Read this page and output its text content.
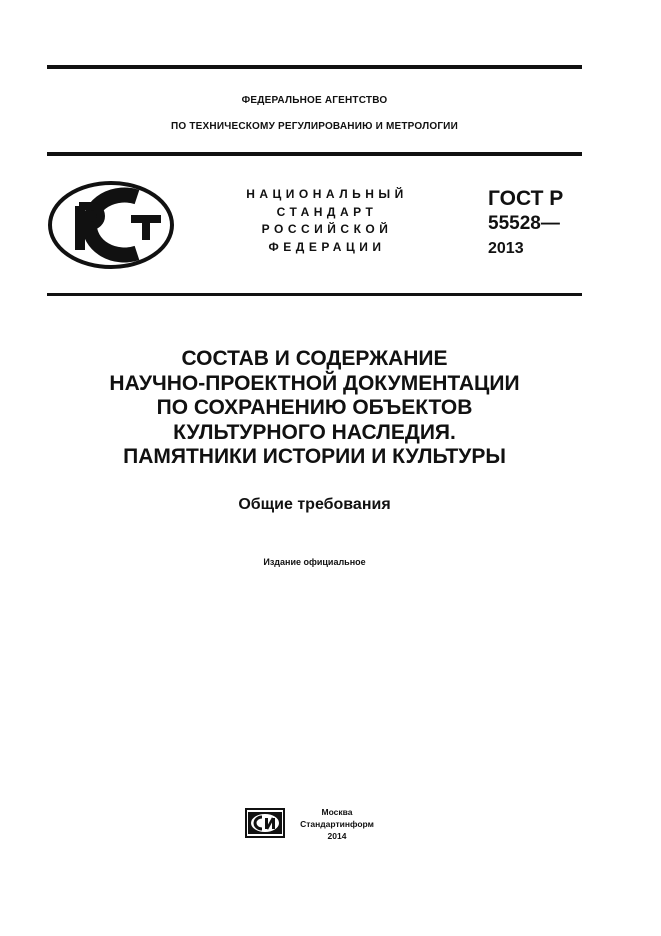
ФЕДЕРАЛЬНОЕ АГЕНТСТВО
ПО ТЕХНИЧЕСКОМУ РЕГУЛИРОВАНИЮ И МЕТРОЛОГИИ
НАЦИОНАЛЬНЫЙ
СТАНДАРТ
РОССИЙСКОЙ
ФЕДЕРАЦИИ
ГОСТ Р
55528—
2013
СОСТАВ И СОДЕРЖАНИЕ
НАУЧНО-ПРОЕКТНОЙ ДОКУМЕНТАЦИИ
ПО СОХРАНЕНИЮ ОБЪЕКТОВ
КУЛЬТУРНОГО НАСЛЕДИЯ.
ПАМЯТНИКИ ИСТОРИИ И КУЛЬТУРЫ
Общие требования
Издание официальное
Москва
Стандартинформ
2014
